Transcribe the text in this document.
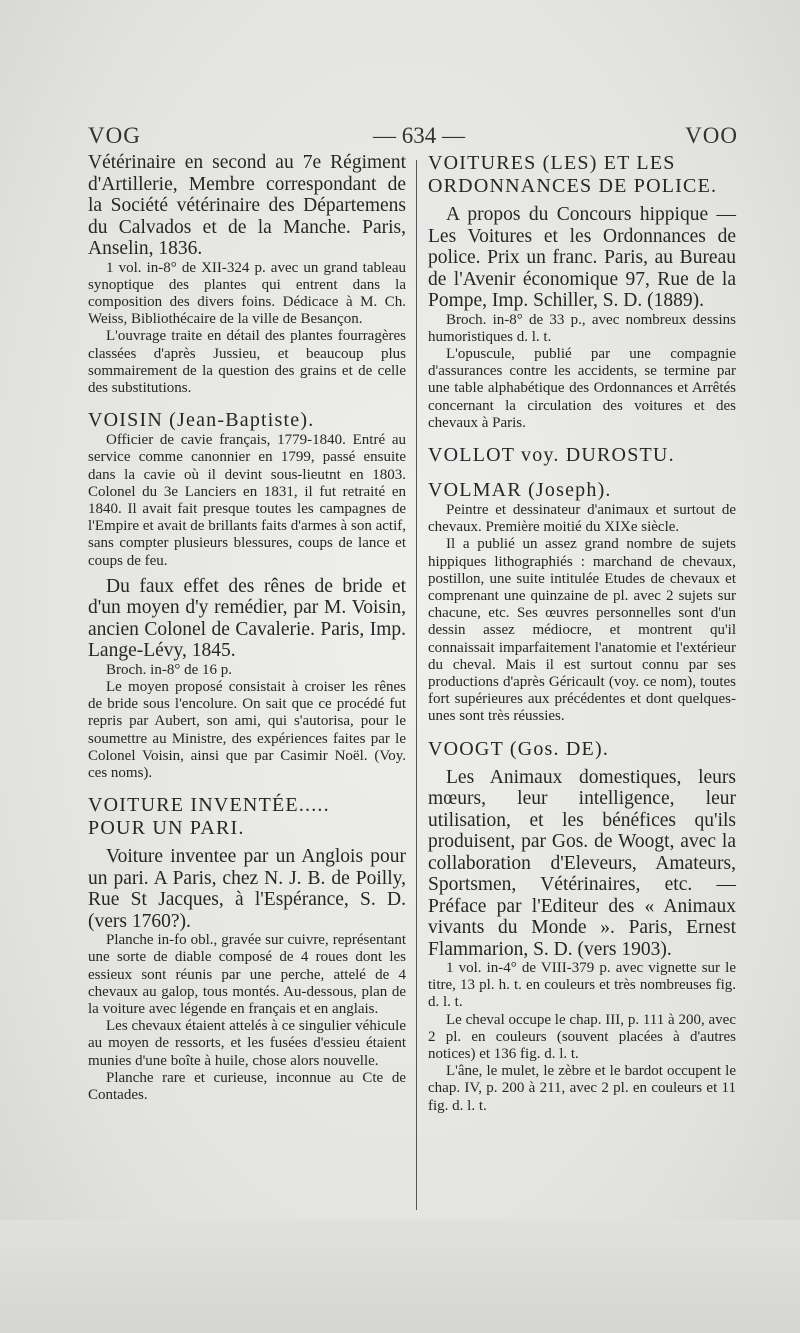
VOG	— 634 —	VOO

Vétérinaire en second au 7e Régiment d'Artillerie, Membre correspondant de la Société vétérinaire des Départemens du Calvados et de la Manche. Paris, Anselin, 1836.

1 vol. in-8° de XII-324 p. avec un grand tableau synoptique des plantes qui entrent dans la composition des divers foins. Dédicace à M. Ch. Weiss, Bibliothécaire de la ville de Besançon.

L'ouvrage traite en détail des plantes fourragères classées d'après Jussieu, et beaucoup plus sommairement de la question des grains et de celle des substitutions.

VOISIN (Jean-Baptiste).

Officier de cavie français, 1779-1840. Entré au service comme canonnier en 1799, passé ensuite dans la cavie où il devint sous-lieutnt en 1803. Colonel du 3e Lanciers en 1831, il fut retraité en 1840. Il avait fait presque toutes les campagnes de l'Empire et avait de brillants faits d'armes à son actif, sans compter plusieurs blessures, coups de lance et coups de feu.

Du faux effet des rênes de bride et d'un moyen d'y remédier, par M. Voisin, ancien Colonel de Cavalerie. Paris, Imp. Lange-Lévy, 1845.

Broch. in-8° de 16 p.

Le moyen proposé consistait à croiser les rênes de bride sous l'encolure. On sait que ce procédé fut repris par Aubert, son ami, qui s'autorisa, pour le soumettre au Ministre, des expériences faites par le Colonel Voisin, ainsi que par Casimir Noël. (Voy. ces noms).

VOITURE INVENTÉE.....
POUR UN PARI.

Voiture inventee par un Anglois pour un pari. A Paris, chez N. J. B. de Poilly, Rue St Jacques, à l'Espérance, S. D. (vers 1760?).

Planche in-fo obl., gravée sur cuivre, représentant une sorte de diable composé de 4 roues dont les essieux sont réunis par une perche, attelé de 4 chevaux au galop, tous montés. Au-dessous, plan de la voiture avec légende en français et en anglais.

Les chevaux étaient attelés à ce singulier véhicule au moyen de ressorts, et les fusées d'essieu étaient munies d'une boîte à huile, chose alors nouvelle.

Planche rare et curieuse, inconnue au Cte de Contades.

VOITURES (LES) ET LES
ORDONNANCES DE POLICE.

A propos du Concours hippique — Les Voitures et les Ordonnances de police. Prix un franc. Paris, au Bureau de l'Avenir économique 97, Rue de la Pompe, Imp. Schiller, S. D. (1889).

Broch. in-8° de 33 p., avec nombreux dessins humoristiques d. l. t.

L'opuscule, publié par une compagnie d'assurances contre les accidents, se termine par une table alphabétique des Ordonnances et Arrêtés concernant la circulation des voitures et des chevaux à Paris.

VOLLOT voy. DUROSTU.

VOLMAR (Joseph).

Peintre et dessinateur d'animaux et surtout de chevaux. Première moitié du XIXe siècle.

Il a publié un assez grand nombre de sujets hippiques lithographiés : marchand de chevaux, postillon, une suite intitulée Etudes de chevaux et comprenant une quinzaine de pl. avec 2 sujets sur chacune, etc. Ses œuvres personnelles sont d'un dessin assez médiocre, et montrent qu'il connaissait imparfaitement l'anatomie et l'extérieur du cheval. Mais il est surtout connu par ses productions d'après Géricault (voy. ce nom), toutes fort supérieures aux précédentes et dont quelques-unes sont très réussies.

VOOGT (Gos. DE).

Les Animaux domestiques, leurs mœurs, leur intelligence, leur utilisation, et les bénéfices qu'ils produisent, par Gos. de Woogt, avec la collaboration d'Eleveurs, Amateurs, Sportsmen, Vétérinaires, etc. — Préface par l'Editeur des « Animaux vivants du Monde ». Paris, Ernest Flammarion, S. D. (vers 1903).

1 vol. in-4° de VIII-379 p. avec vignette sur le titre, 13 pl. h. t. en couleurs et très nombreuses fig. d. l. t.

Le cheval occupe le chap. III, p. 111 à 200, avec 2 pl. en couleurs (souvent placées à d'autres notices) et 136 fig. d. l. t.

L'âne, le mulet, le zèbre et le bardot occupent le chap. IV, p. 200 à 211, avec 2 pl. en couleurs et 11 fig. d. l. t.
